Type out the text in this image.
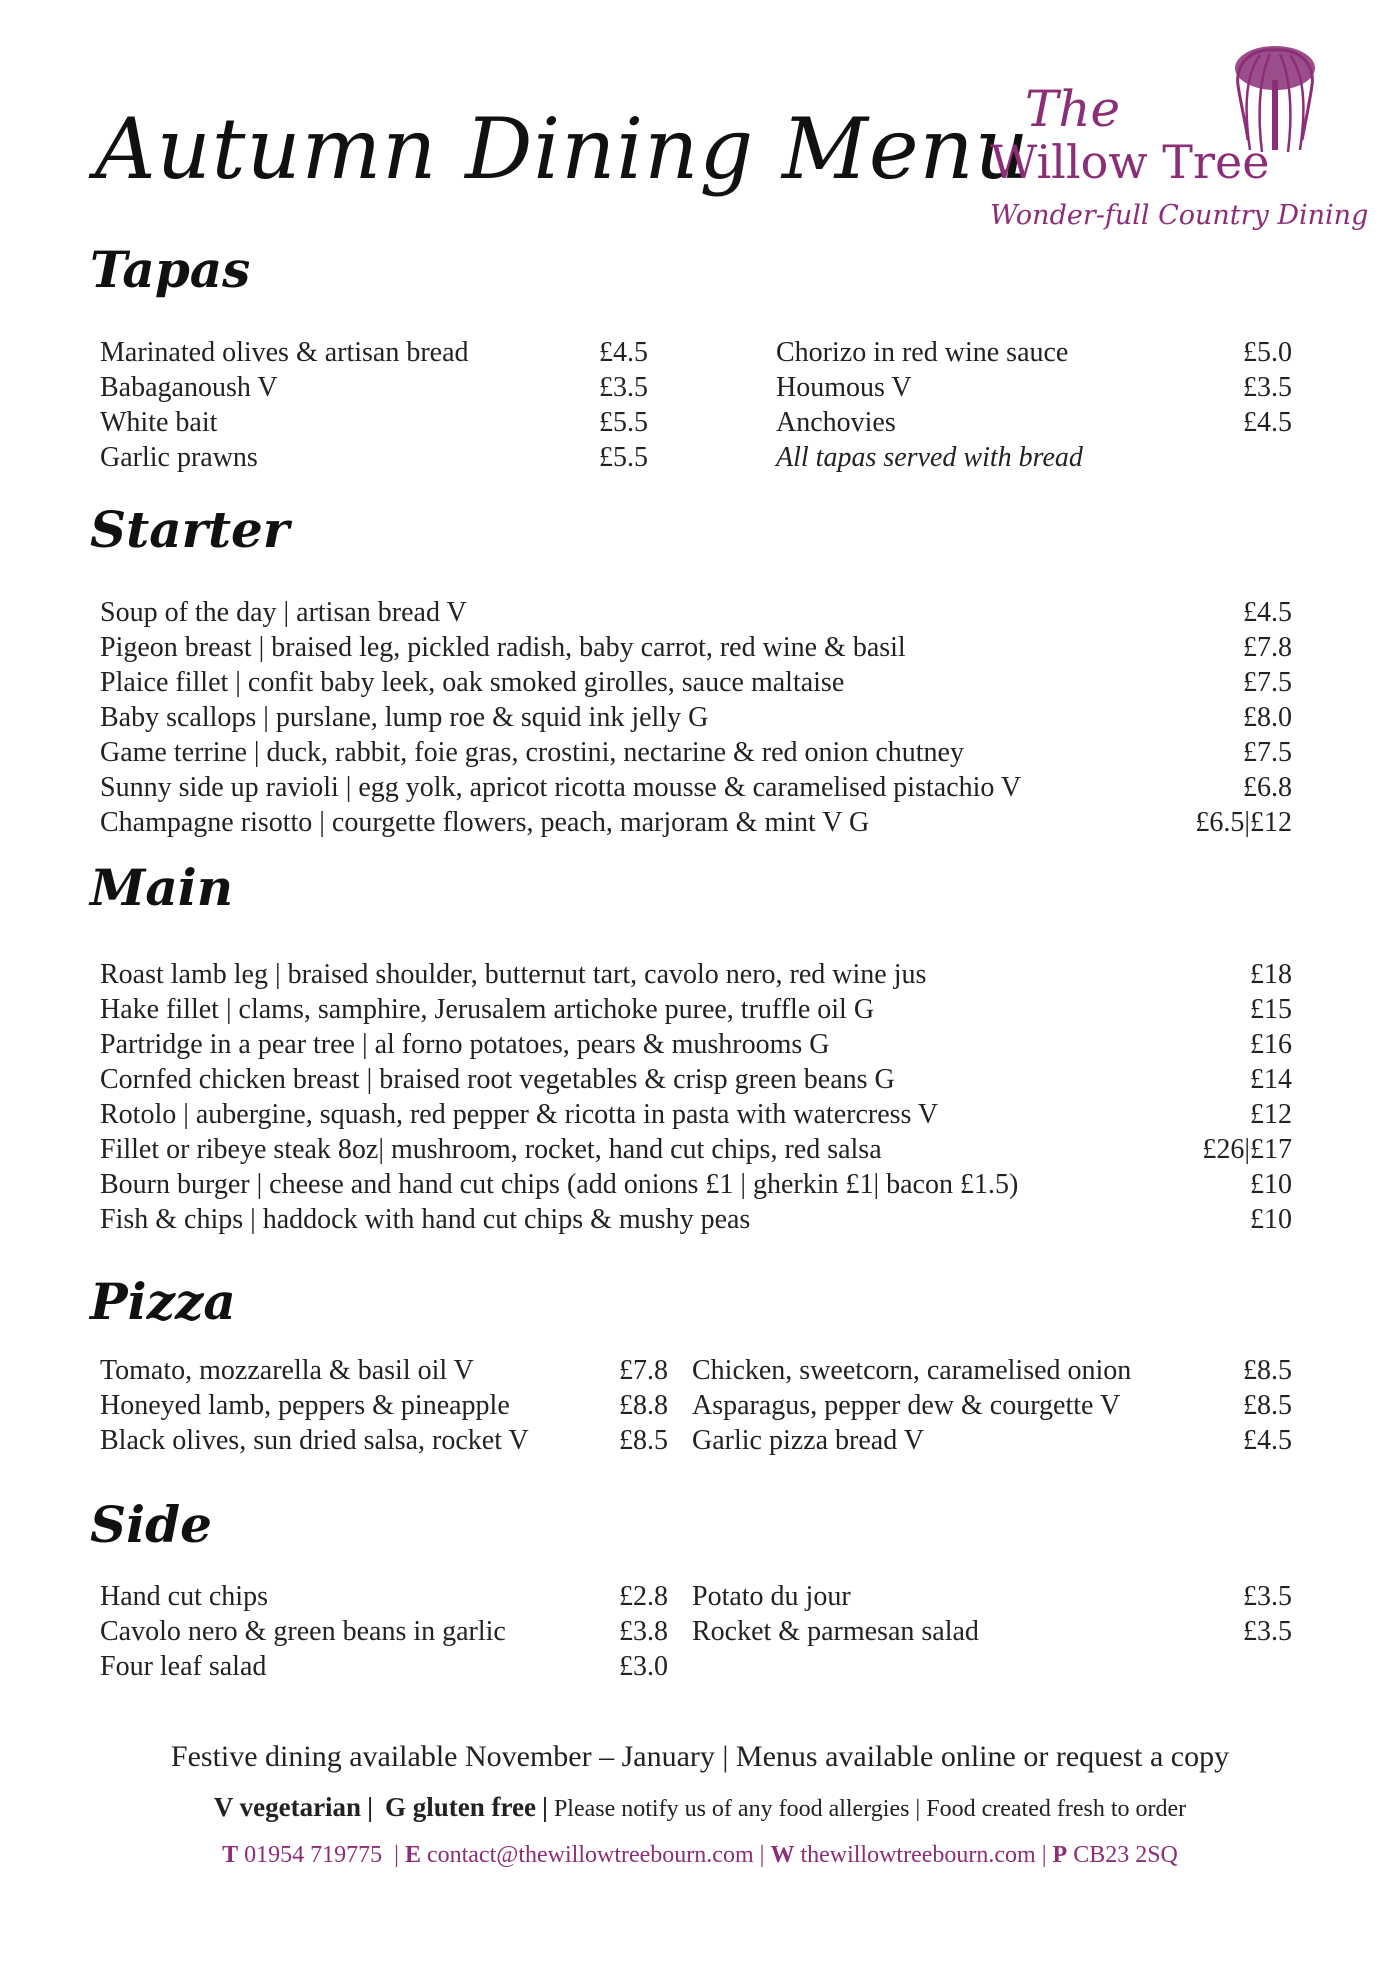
Autumn Dining Menu
The
Willow Tree
Wonder-full Country Dining
Tapas
Marinated olives & artisan bread	£4.5
Babaganoush V	£3.5
White bait	£5.5
Garlic prawns	£5.5
Chorizo in red wine sauce	£5.0
Houmous V	£3.5
Anchovies	£4.5
All tapas served with bread
Starter
Soup of the day | artisan bread V	£4.5
Pigeon breast | braised leg, pickled radish, baby carrot, red wine & basil	£7.8
Plaice fillet | confit baby leek, oak smoked girolles, sauce maltaise	£7.5
Baby scallops | purslane, lump roe & squid ink jelly G	£8.0
Game terrine | duck, rabbit, foie gras, crostini, nectarine & red onion chutney	£7.5
Sunny side up ravioli | egg yolk, apricot ricotta mousse & caramelised pistachio V	£6.8
Champagne risotto | courgette flowers, peach, marjoram & mint V G	£6.5|£12
Main
Roast lamb leg | braised shoulder, butternut tart, cavolo nero, red wine jus	£18
Hake fillet | clams, samphire, Jerusalem artichoke puree, truffle oil G	£15
Partridge in a pear tree | al forno potatoes, pears & mushrooms G	£16
Cornfed chicken breast | braised root vegetables & crisp green beans G	£14
Rotolo | aubergine, squash, red pepper & ricotta in pasta with watercress V	£12
Fillet or ribeye steak 8oz| mushroom, rocket, hand cut chips, red salsa	£26|£17
Bourn burger | cheese and hand cut chips (add onions £1 | gherkin £1| bacon £1.5)	£10
Fish & chips | haddock with hand cut chips & mushy peas	£10
Pizza
Tomato, mozzarella & basil oil V	£7.8
Honeyed lamb, peppers & pineapple	£8.8
Black olives, sun dried salsa, rocket V	£8.5
Chicken, sweetcorn, caramelised onion	£8.5
Asparagus, pepper dew & courgette V	£8.5
Garlic pizza bread V	£4.5
Side
Hand cut chips	£2.8
Cavolo nero & green beans in garlic	£3.8
Four leaf salad	£3.0
Potato du jour	£3.5
Rocket & parmesan salad	£3.5
Festive dining available November – January | Menus available online or request a copy
V vegetarian | G gluten free | Please notify us of any food allergies | Food created fresh to order
T 01954 719775  | E contact@thewillowtreebourn.com | W thewillowtreebourn.com | P CB23 2SQ
